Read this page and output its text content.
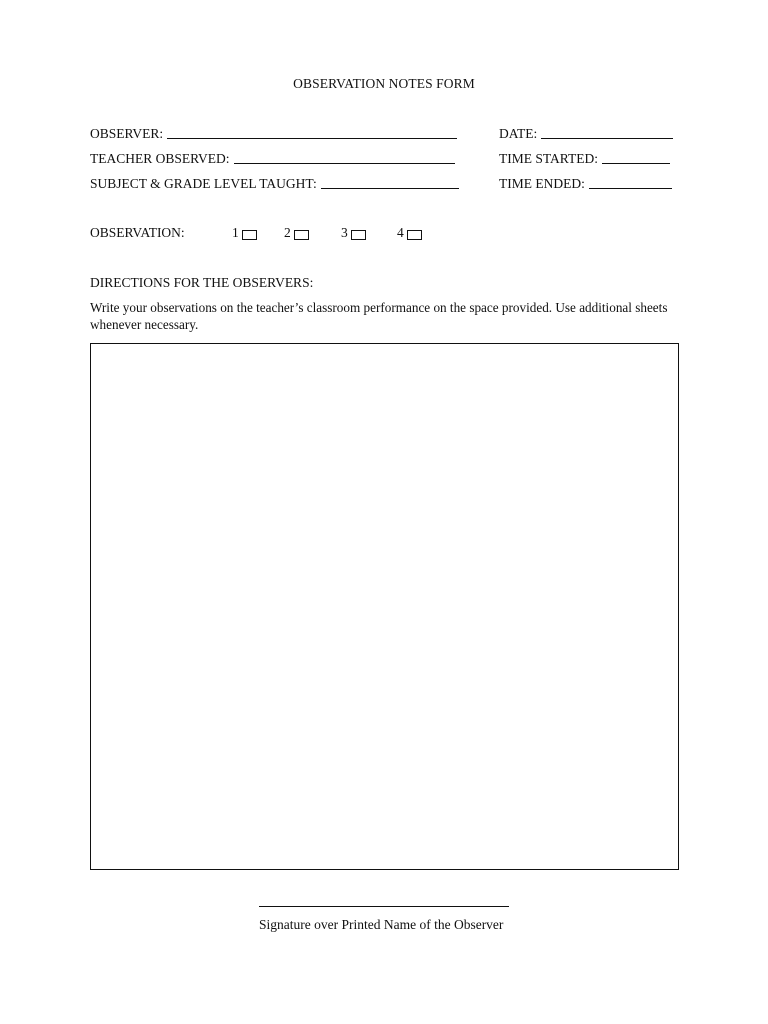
OBSERVATION NOTES FORM
OBSERVER:	DATE:
TEACHER OBSERVED:	TIME STARTED:
SUBJECT & GRADE LEVEL TAUGHT:	TIME ENDED:
OBSERVATION:	1	2	3	4
DIRECTIONS FOR THE OBSERVERS:
Write your observations on the teacher’s classroom performance on the space provided. Use additional sheets whenever necessary.
Signature over Printed Name of the Observer
